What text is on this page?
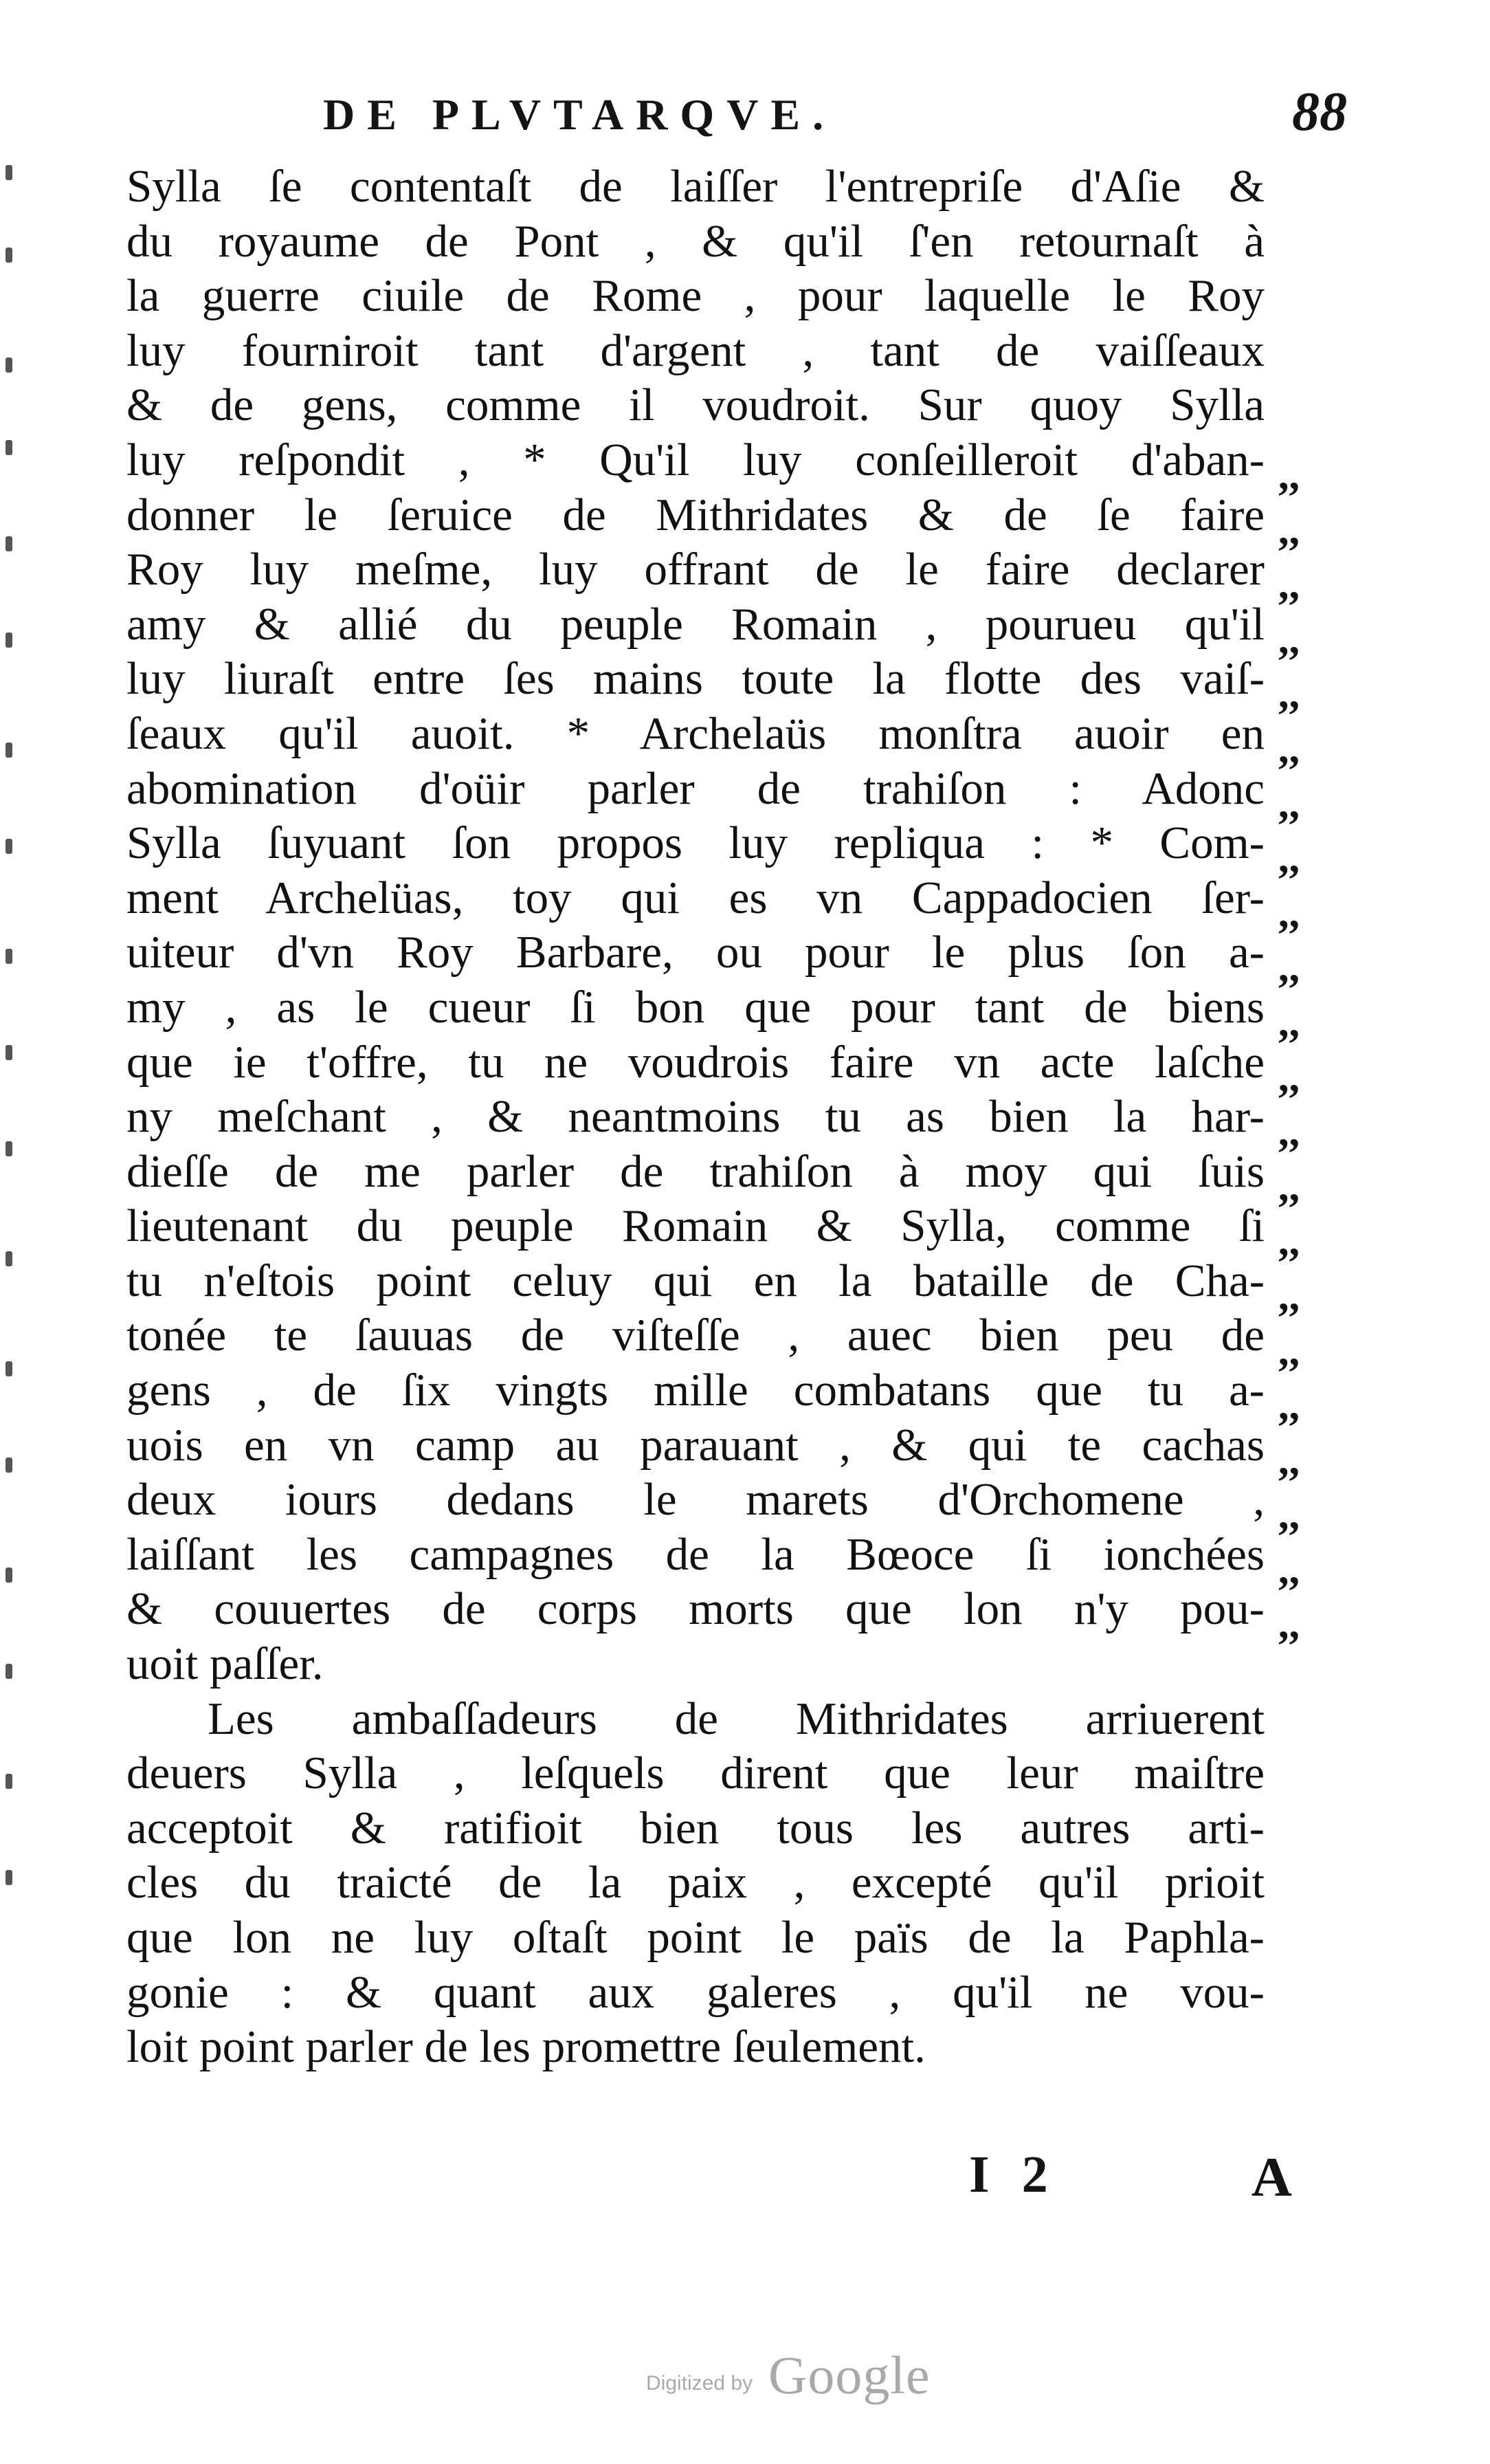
DE PLVTARQVE.	88
Sylla ſe contentaſt de laiſſer l'entrepriſe d'Aſie &
du royaume de Pont , & qu'il ſ'en retournaſt à
la guerre ciuile de Rome , pour laquelle le Roy
luy fourniroit tant d'argent , tant de vaiſſeaux
& de gens, comme il voudroit. Sur quoy Sylla
luy reſpondit , * Qu'il luy conſeilleroit d'aban-
donner le ſeruice de Mithridates & de ſe faire
Roy luy meſme, luy offrant de le faire declarer
amy & allié du peuple Romain , pourueu qu'il
luy liuraſt entre ſes mains toute la flotte des vaiſ-
ſeaux qu'il auoit. * Archelaüs monſtra auoir en
abomination d'oüir parler de trahiſon : Adonc
Sylla ſuyuant ſon propos luy repliqua : * Com-
ment Archelüas, toy qui es vn Cappadocien ſer-
uiteur d'vn Roy Barbare, ou pour le plus ſon a-
my , as le cueur ſi bon que pour tant de biens
que ie t'offre, tu ne voudrois faire vn acte laſche
ny meſchant , & neantmoins tu as bien la har-
dieſſe de me parler de trahiſon à moy qui ſuis
lieutenant du peuple Romain & Sylla, comme ſi
tu n'eſtois point celuy qui en la bataille de Cha-
tonée te ſauuas de viſteſſe , auec bien peu de
gens , de ſix vingts mille combatans que tu a-
uois en vn camp au parauant , & qui te cachas
deux iours dedans le marets d'Orchomene ,
laiſſant les campagnes de la Bœoce ſi ionchées
& couuertes de corps morts que lon n'y pou-
uoit paſſer.
Les ambaſſadeurs de Mithridates arriuerent
deuers Sylla , leſquels dirent que leur maiſtre
acceptoit & ratifioit bien tous les autres arti-
cles du traicté de la paix , excepté qu'il prioit
que lon ne luy oſtaſt point le païs de la Paphla-
gonie : & quant aux galeres , qu'il ne vou-
loit point parler de les promettre ſeulement.
,,
,,
,,
,,
,,
,,
,,
,,
,,
,,
,,
,,
,,
,,
,,
,,
,,
,,
,,
,,
,,
,,
I 2	A
Digitized by Google
